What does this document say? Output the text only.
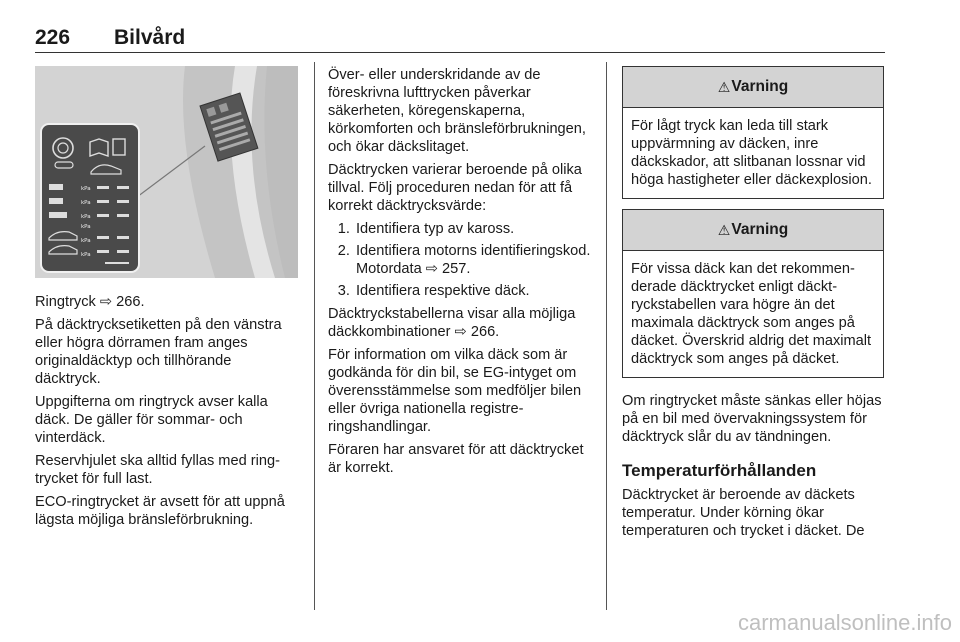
226 Bilvård
kPa
kPa
kPa
kPa
kPa
kPa

Ringtryck ⇨ 266.

På däcktrycksetiketten på den vänstra eller högra dörramen fram anges originaldäcktyp och tillhörande däcktryck.

Uppgifterna om ringtryck avser kalla däck. De gäller för sommar- och vinterdäck.

Reservhjulet ska alltid fyllas med ringtrycket för full last.

ECO-ringtrycket är avsett för att uppnå lägsta möjliga bränsleförbrukning.

Över- eller underskridande av de föreskrivna lufttrycken påverkar säkerheten, köregenskaperna, körkomforten och bränsleförbrukningen, och ökar däckslitaget.

Däcktrycken varierar beroende på olika tillval. Följ proceduren nedan för att få korrekt däcktrycksvärde:

1. Identifiera typ av kaross.
2. Identifiera motorns identifieringskod. Motordata ⇨ 257.
3. Identifiera respektive däck.

Däcktryckstabellerna visar alla möjliga däckkombinationer ⇨ 266.

För information om vilka däck som är godkända för din bil, se EG-intyget om överensstämmelse som medföljer bilen eller övriga nationella registreringshandlingar.

Föraren har ansvaret för att däcktrycket är korrekt.

⚠ Varning
För lågt tryck kan leda till stark uppvärmning av däcken, inre däckskador, att slitbanan lossnar vid höga hastigheter eller däckexplosion.
⚠ Varning
För vissa däck kan det rekommenderade däcktrycket enligt däcktryckstabellen vara högre än det maximala däcktryck som anges på däcket. Överskrid aldrig det maximalt däcktryck som anges på däcket.

Om ringtrycket måste sänkas eller höjas på en bil med övervakningssystem för däcktryck slår du av tändningen.

Temperaturförhållanden

Däcktrycket är beroende av däckets temperatur. Under körning ökar temperaturen och trycket i däcket. De

carmanualsonline.info
